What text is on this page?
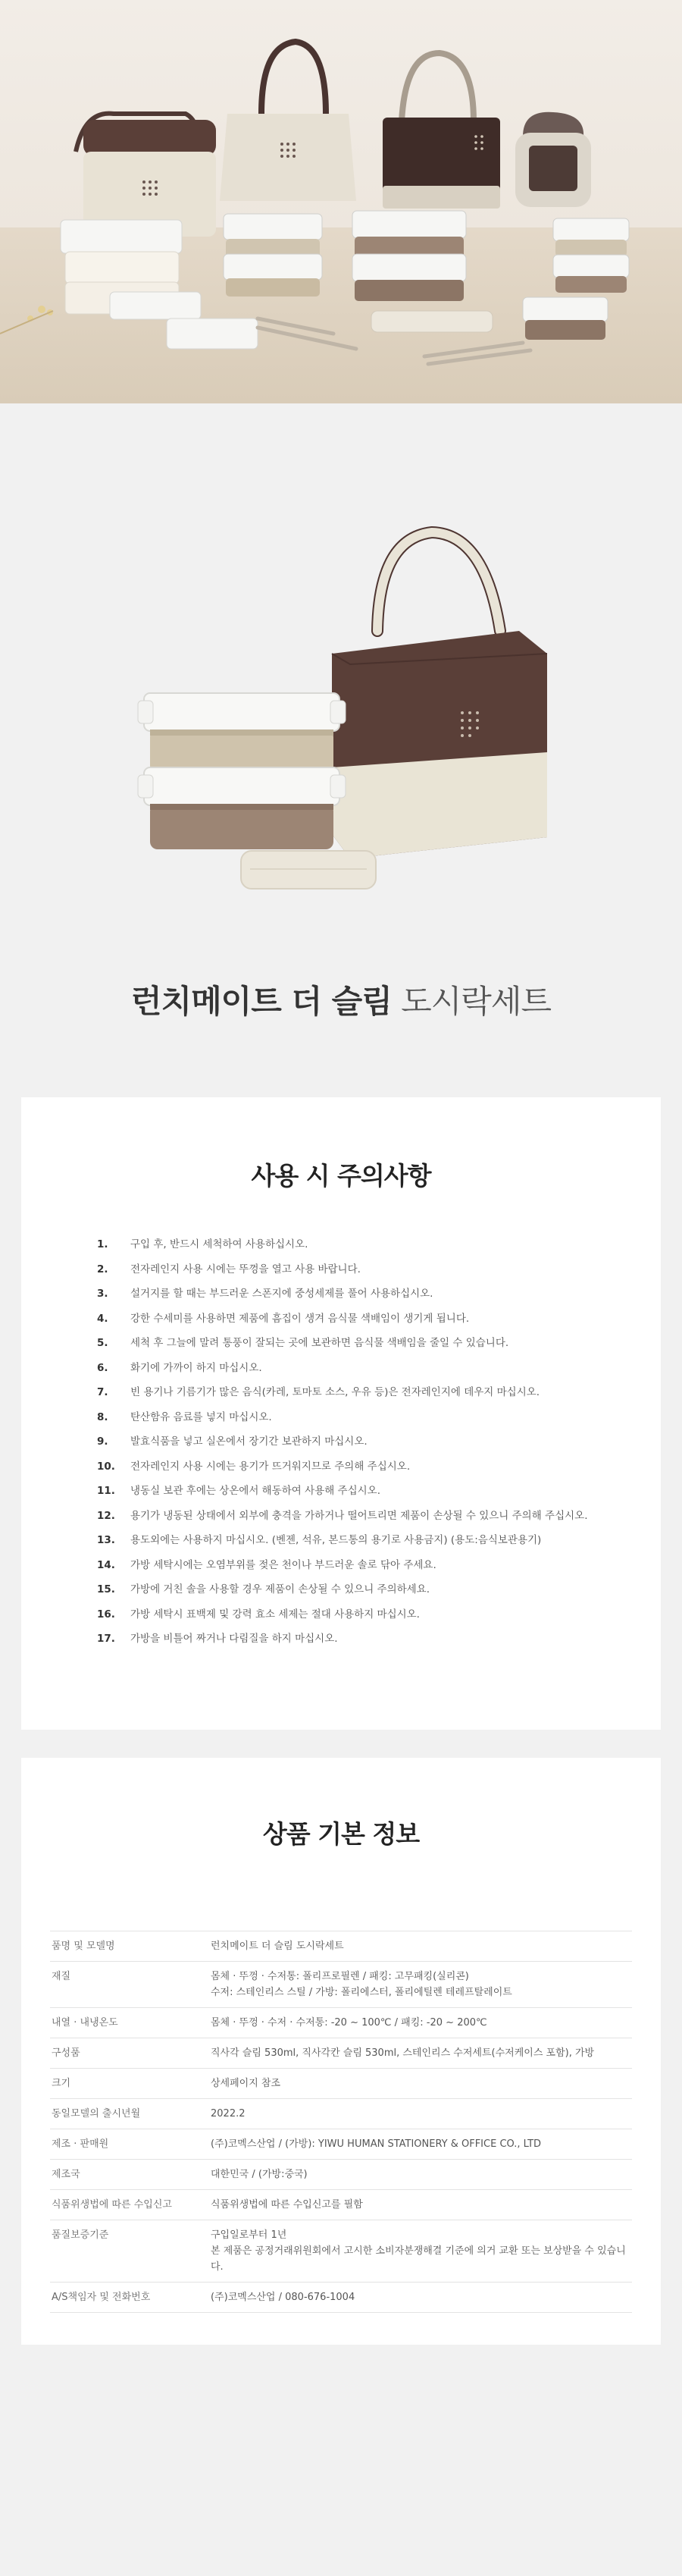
런치메이트 더 슬림 도시락세트
사용 시 주의사항
1.	구입 후, 반드시 세척하여 사용하십시오.
2.	전자레인지 사용 시에는 뚜껑을 열고 사용 바랍니다.
3.	설거지를 할 때는 부드러운 스폰지에 중성세제를 풀어 사용하십시오.
4.	강한 수세미를 사용하면 제품에 흠집이 생겨 음식물 색배임이 생기게 됩니다.
5.	세척 후 그늘에 말려 통풍이 잘되는 곳에 보관하면 음식물 색배임을 줄일 수 있습니다.
6.	화기에 가까이 하지 마십시오.
7.	빈 용기나 기름기가 많은 음식(카레, 토마토 소스, 우유 등)은 전자레인지에 데우지 마십시오.
8.	탄산함유 음료를 넣지 마십시오.
9.	발효식품을 넣고 실온에서 장기간 보관하지 마십시오.
10.	전자레인지 사용 시에는 용기가 뜨거워지므로 주의해 주십시오.
11.	냉동실 보관 후에는 상온에서 해동하여 사용해 주십시오.
12.	용기가 냉동된 상태에서 외부에 충격을 가하거나 떨어트리면 제품이 손상될 수 있으니 주의해 주십시오.
13.	용도외에는 사용하지 마십시오. (벤젠, 석유, 본드통의 용기로 사용금지) (용도:음식보관용기)
14.	가방 세탁시에는 오염부위를 젖은 천이나 부드러운 솔로 닦아 주세요.
15.	가방에 거친 솔을 사용할 경우 제품이 손상될 수 있으니 주의하세요.
16.	가방 세탁시 표백제 및 강력 효소 세제는 절대 사용하지 마십시오.
17.	가방을 비틀어 짜거나 다림질을 하지 마십시오.
상품 기본 정보
품명 및 모델명	런치메이트 더 슬림 도시락세트

재질	몸체 · 뚜껑 · 수저통: 폴리프로필렌 / 패킹: 고무패킹(실리콘)
수저: 스테인리스 스틸 / 가방: 폴리에스터, 폴리에틸렌 테레프탈레이트

내열 · 내냉온도	몸체 · 뚜껑 · 수저 · 수저통: -20 ~ 100℃ / 패킹: -20 ~ 200℃

구성품	직사각 슬림 530ml, 직사각칸 슬림 530ml, 스테인리스 수저세트(수저케이스 포함), 가방

크기	상세페이지 참조

동일모델의 출시년월	2022.2

제조 · 판매원	(주)코멕스산업 / (가방): YIWU HUMAN STATIONERY & OFFICE CO., LTD

제조국	대한민국 / (가방:중국)

식품위생법에 따른 수입신고	식품위생법에 따른 수입신고를 필함

품질보증기준	구입일로부터 1년
본 제품은 공정거래위원회에서 고시한 소비자분쟁해결 기준에 의거 교환 또는 보상받을 수 있습니다.

A/S책임자 및 전화번호	(주)코멕스산업 / 080-676-1004
